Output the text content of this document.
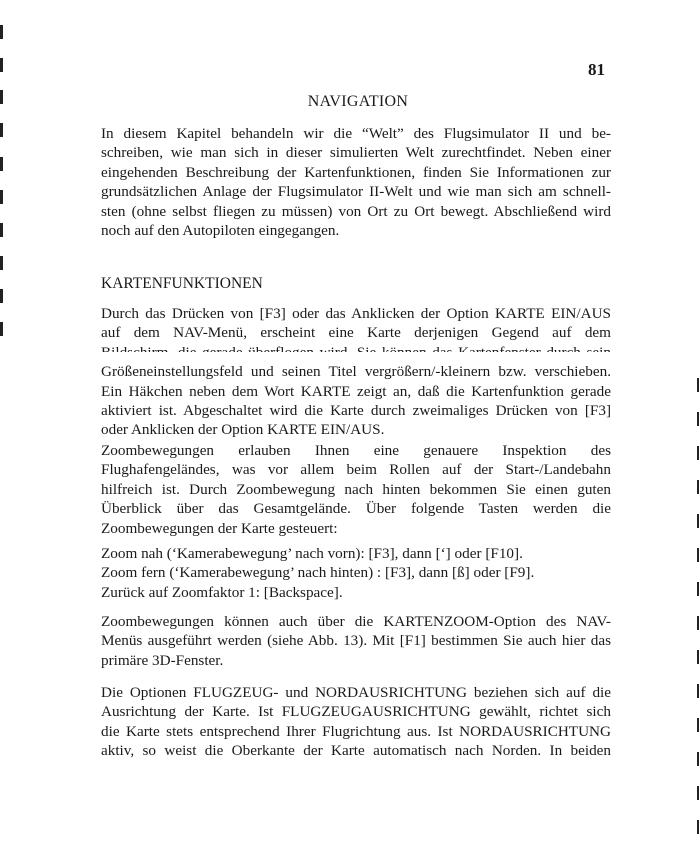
81
NAVIGATION

In diesem Kapitel behandeln wir die “Welt” des Flugsimulator II und be-
schreiben, wie man sich in dieser simulierten Welt zurechtfindet. Neben einer
eingehenden Beschreibung der Kartenfunktionen, finden Sie Informationen zur
grundsätzlichen Anlage der Flugsimulator II-Welt und wie man sich am schnell-
sten (ohne selbst fliegen zu müssen) von Ort zu Ort bewegt. Abschließend wird
noch auf den Autopiloten eingegangen.

KARTENFUNKTIONEN

Durch das Drücken von [F3] oder das Anklicken der Option KARTE EIN/AUS
auf dem NAV-Menü, erscheint eine Karte derjenigen Gegend auf dem
Größeneinstellungsfeld und seinen Titel vergrößern/-kleinern bzw. verschieben.
Ein Häkchen neben dem Wort KARTE zeigt an, daß die Kartenfunktion gerade
aktiviert ist. Abgeschaltet wird die Karte durch zweimaliges Drücken von [F3]
oder Anklicken der Option KARTE EIN/AUS.

Zoombewegungen erlauben Ihnen eine genauere Inspektion des
Flughafengeländes, was vor allem beim Rollen auf der Start-/Landebahn
hilfreich ist. Durch Zoombewegung nach hinten bekommen Sie einen guten
Überblick über das Gesamtgelände. Über folgende Tasten werden die
Zoombewegungen der Karte gesteuert:

Zoom nah (‘Kamerabewegung’ nach vorn): [F3], dann [‘] oder [F10].
Zoom fern (‘Kamerabewegung’ nach hinten) : [F3], dann [ß] oder [F9].
Zurück auf Zoomfaktor 1: [Backspace].

Zoombewegungen können auch über die KARTENZOOM-Option des NAV-
Menüs ausgeführt werden (siehe Abb. 13). Mit [F1] bestimmen Sie auch hier das
primäre 3D-Fenster.

Die Optionen FLUGZEUG- und NORDAUSRICHTUNG beziehen sich auf die
Ausrichtung der Karte. Ist FLUGZEUGAUSRICHTUNG gewählt, richtet sich
die Karte stets entsprechend Ihrer Flugrichtung aus. Ist NORDAUSRICHTUNG
aktiv, so weist die Oberkante der Karte automatisch nach Norden. In beiden
